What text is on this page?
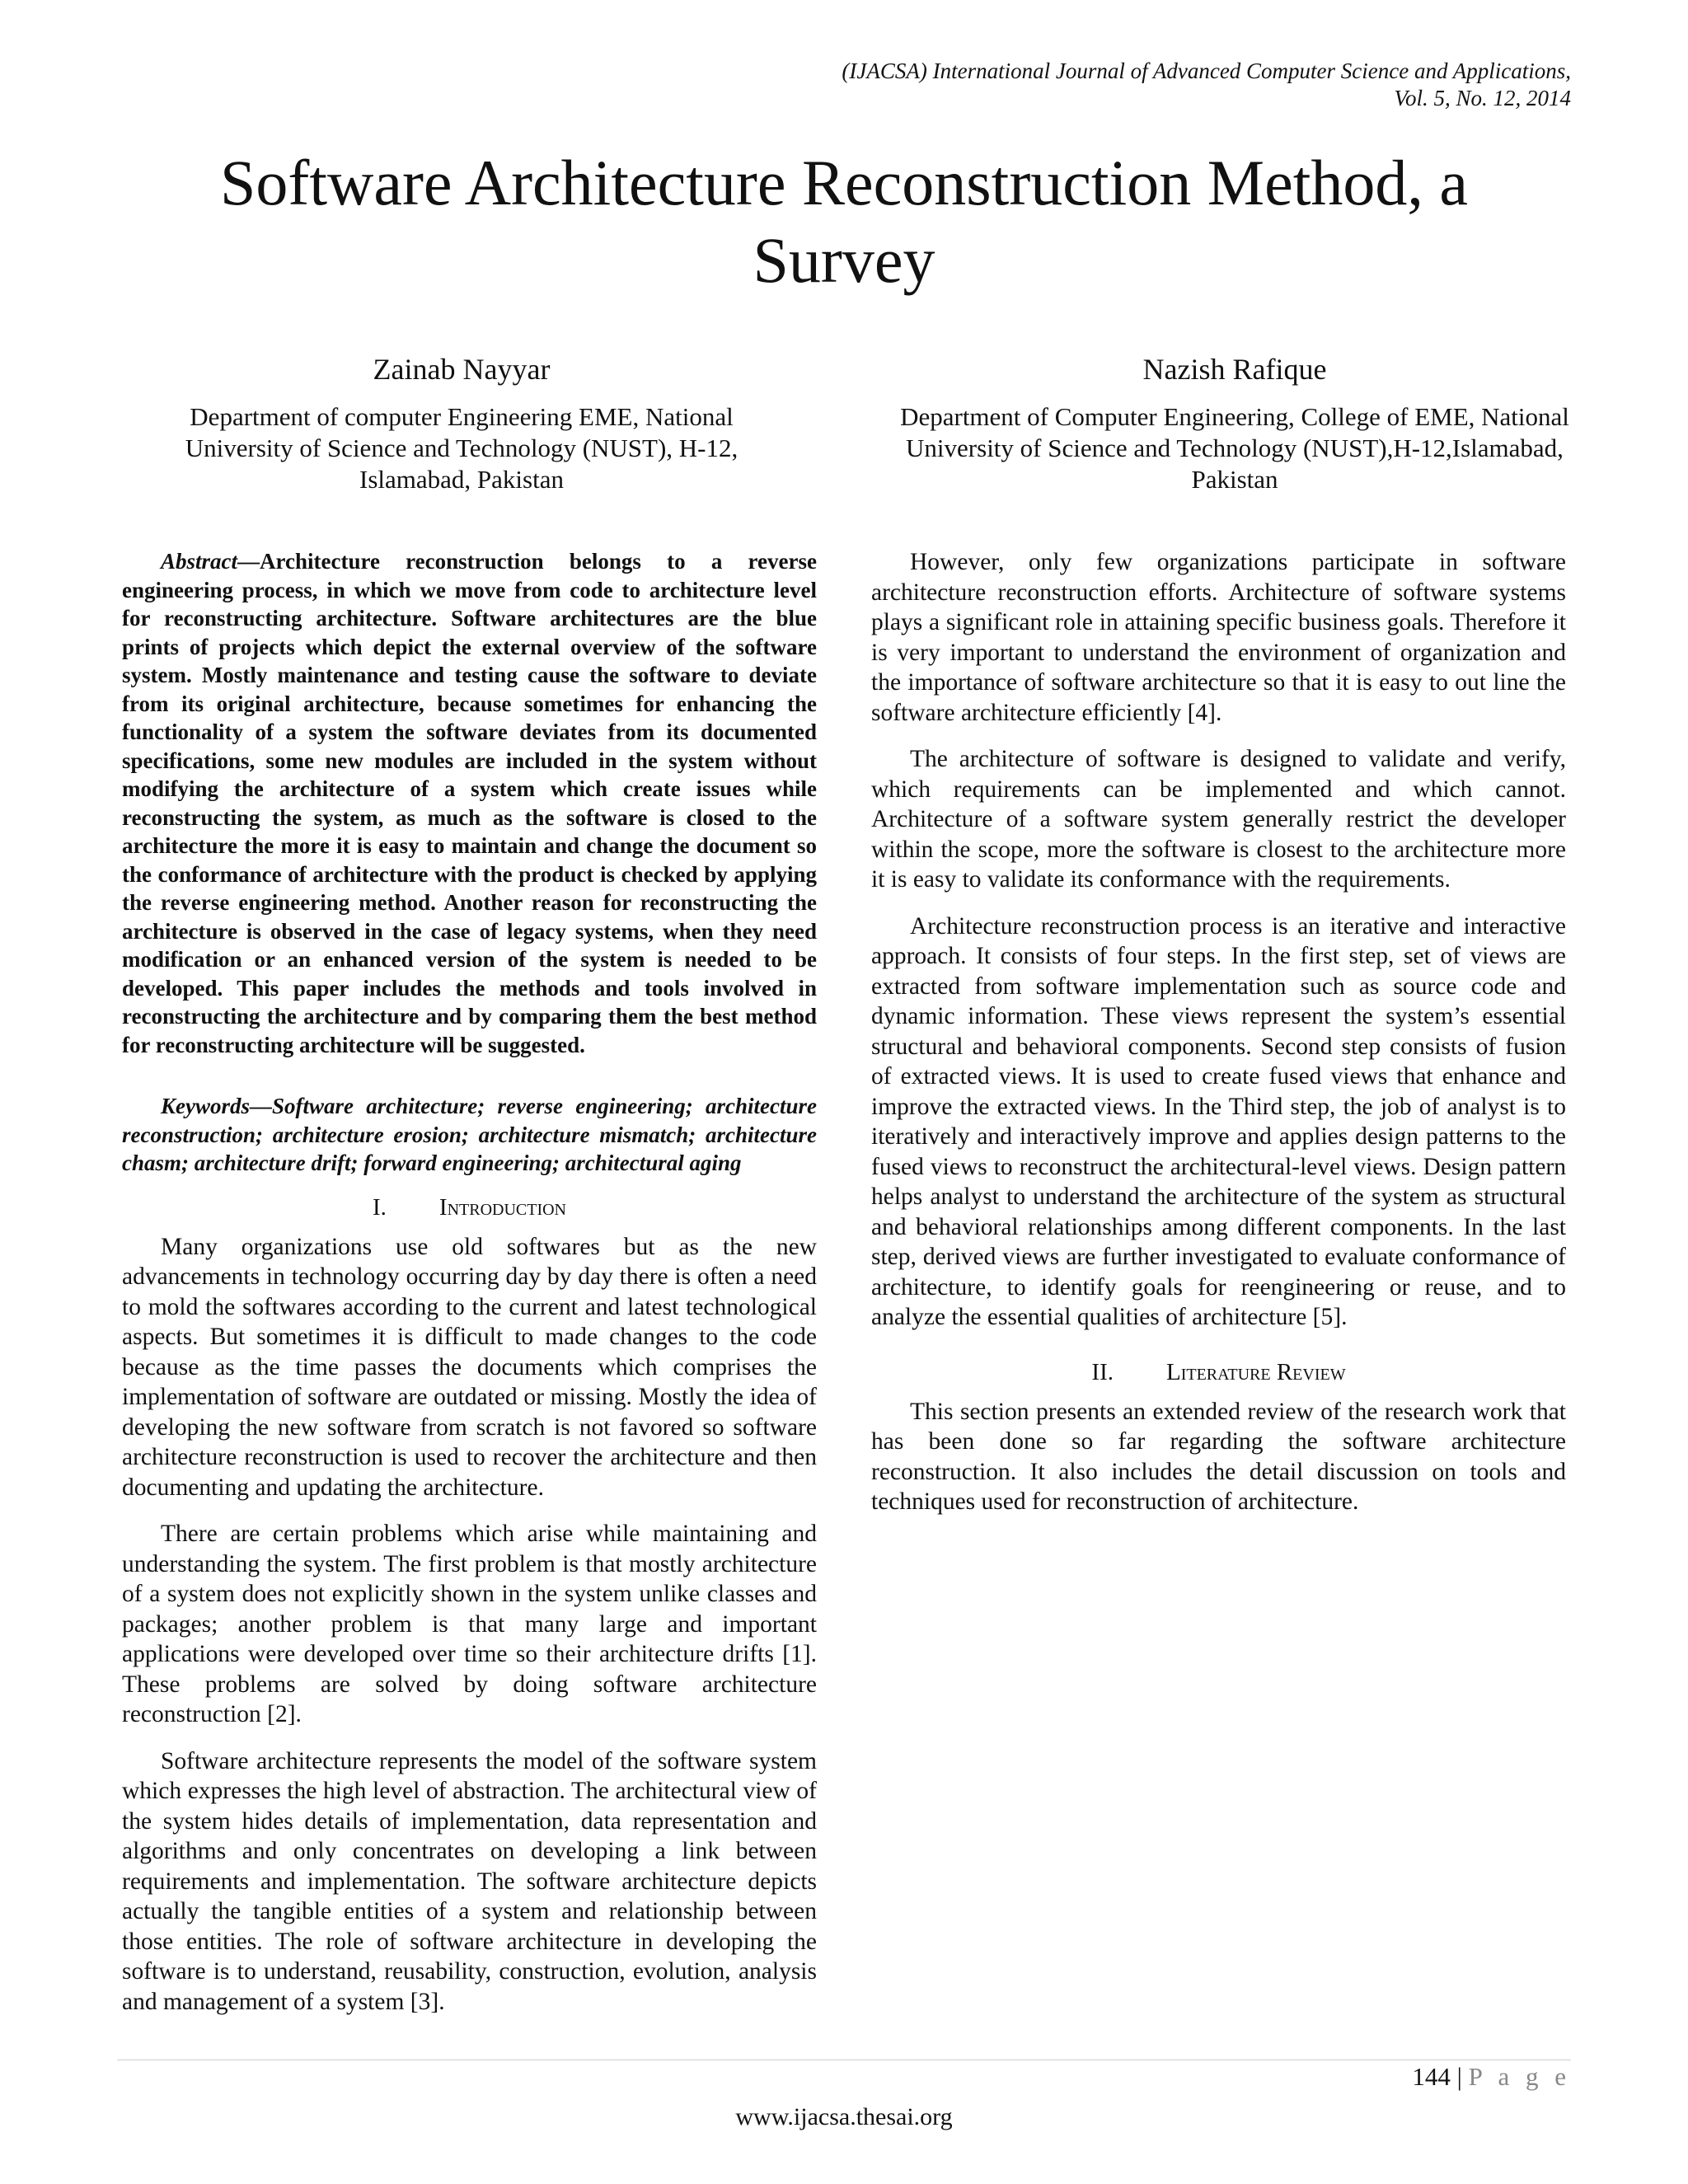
(IJACSA) International Journal of Advanced Computer Science and Applications,
Vol. 5, No. 12, 2014
Software Architecture Reconstruction Method, a Survey
Zainab Nayyar
Department of computer Engineering EME, National University of Science and Technology (NUST), H-12, Islamabad, Pakistan
Nazish Rafique
Department of Computer Engineering, College of EME, National University of Science and Technology (NUST),H-12,Islamabad, Pakistan
Abstract—Architecture reconstruction belongs to a reverse engineering process, in which we move from code to architecture level for reconstructing architecture. Software architectures are the blue prints of projects which depict the external overview of the software system. Mostly maintenance and testing cause the software to deviate from its original architecture, because sometimes for enhancing the functionality of a system the software deviates from its documented specifications, some new modules are included in the system without modifying the architecture of a system which create issues while reconstructing the system, as much as the software is closed to the architecture the more it is easy to maintain and change the document so the conformance of architecture with the product is checked by applying the reverse engineering method. Another reason for reconstructing the architecture is observed in the case of legacy systems, when they need modification or an enhanced version of the system is needed to be developed. This paper includes the methods and tools involved in reconstructing the architecture and by comparing them the best method for reconstructing architecture will be suggested.
Keywords—Software architecture; reverse engineering; architecture reconstruction; architecture erosion; architecture mismatch; architecture chasm; architecture drift; forward engineering; architectural aging
I. Introduction

Many organizations use old softwares but as the new advancements in technology occurring day by day there is often a need to mold the softwares according to the current and latest technological aspects. But sometimes it is difficult to made changes to the code because as the time passes the documents which comprises the implementation of software are outdated or missing. Mostly the idea of developing the new software from scratch is not favored so software architecture reconstruction is used to recover the architecture and then documenting and updating the architecture.

There are certain problems which arise while maintaining and understanding the system. The first problem is that mostly architecture of a system does not explicitly shown in the system unlike classes and packages; another problem is that many large and important applications were developed over time so their architecture drifts [1]. These problems are solved by doing software architecture reconstruction [2].

Software architecture represents the model of the software system which expresses the high level of abstraction. The architectural view of the system hides details of implementation, data representation and algorithms and only concentrates on developing a link between requirements and implementation. The software architecture depicts actually the tangible entities of a system and relationship between those entities. The role of software architecture in developing the software is to understand, reusability, construction, evolution, analysis and management of a system [3].

However, only few organizations participate in software architecture reconstruction efforts. Architecture of software systems plays a significant role in attaining specific business goals. Therefore it is very important to understand the environment of organization and the importance of software architecture so that it is easy to out line the software architecture efficiently [4].

The architecture of software is designed to validate and verify, which requirements can be implemented and which cannot. Architecture of a software system generally restrict the developer within the scope, more the software is closest to the architecture more it is easy to validate its conformance with the requirements.

Architecture reconstruction process is an iterative and interactive approach. It consists of four steps. In the first step, set of views are extracted from software implementation such as source code and dynamic information. These views represent the system’s essential structural and behavioral components. Second step consists of fusion of extracted views. It is used to create fused views that enhance and improve the extracted views. In the Third step, the job of analyst is to iteratively and interactively improve and applies design patterns to the fused views to reconstruct the architectural-level views. Design pattern helps analyst to understand the architecture of the system as structural and behavioral relationships among different components. In the last step, derived views are further investigated to evaluate conformance of architecture, to identify goals for reengineering or reuse, and to analyze the essential qualities of architecture [5].

II. Literature Review

This section presents an extended review of the research work that has been done so far regarding the software architecture reconstruction. It also includes the detail discussion on tools and techniques used for reconstruction of architecture.

144 | P a g e
www.ijacsa.thesai.org
